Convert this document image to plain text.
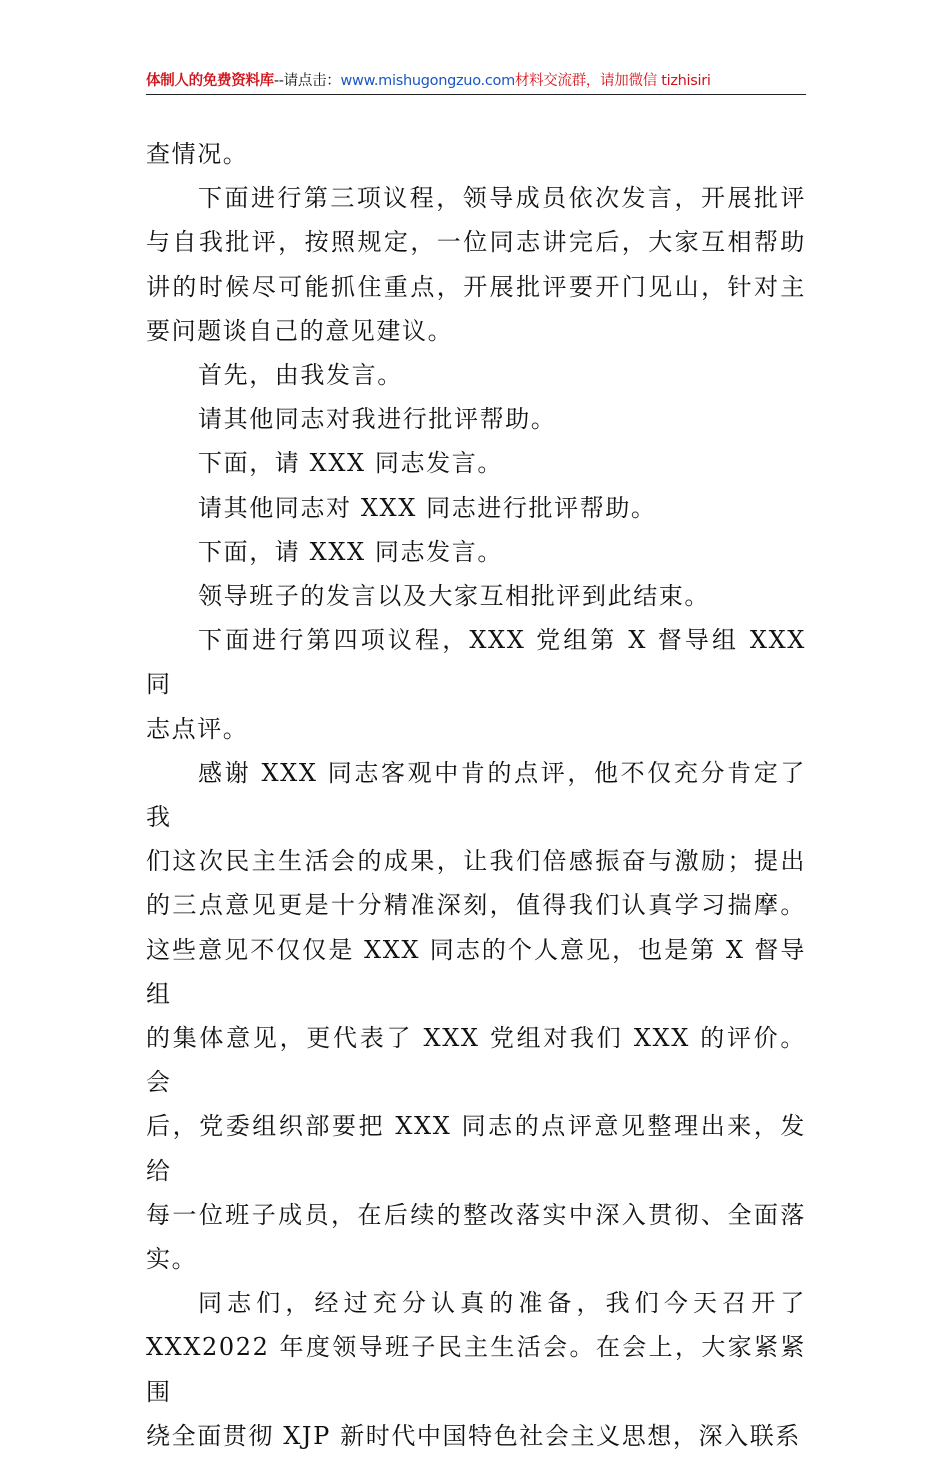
体制人的免费资料库--请点击：www.mishugongzuo.com材料交流群，请加微信 tizhisiri

查情况。

下面进行第三项议程，领导成员依次发言，开展批评
与自我批评，按照规定，一位同志讲完后，大家互相帮助
讲的时候尽可能抓住重点，开展批评要开门见山，针对主
要问题谈自己的意见建议。

首先，由我发言。

请其他同志对我进行批评帮助。

下面，请 XXX 同志发言。

请其他同志对 XXX 同志进行批评帮助。

下面，请 XXX 同志发言。

领导班子的发言以及大家互相批评到此结束。

下面进行第四项议程，XXX 党组第 X 督导组 XXX 同
志点评。

感谢 XXX 同志客观中肯的点评，他不仅充分肯定了我
们这次民主生活会的成果，让我们倍感振奋与激励；提出
的三点意见更是十分精准深刻，值得我们认真学习揣摩。
这些意见不仅仅是 XXX 同志的个人意见，也是第 X 督导组
的集体意见，更代表了 XXX 党组对我们 XXX 的评价。会
后，党委组织部要把 XXX 同志的点评意见整理出来，发给
每一位班子成员，在后续的整改落实中深入贯彻、全面落
实。

同志们，经过充分认真的准备，我们今天召开了
XXX2022 年度领导班子民主生活会。在会上，大家紧紧围
绕全面贯彻 XJP 新时代中国特色社会主义思想，深入联系
